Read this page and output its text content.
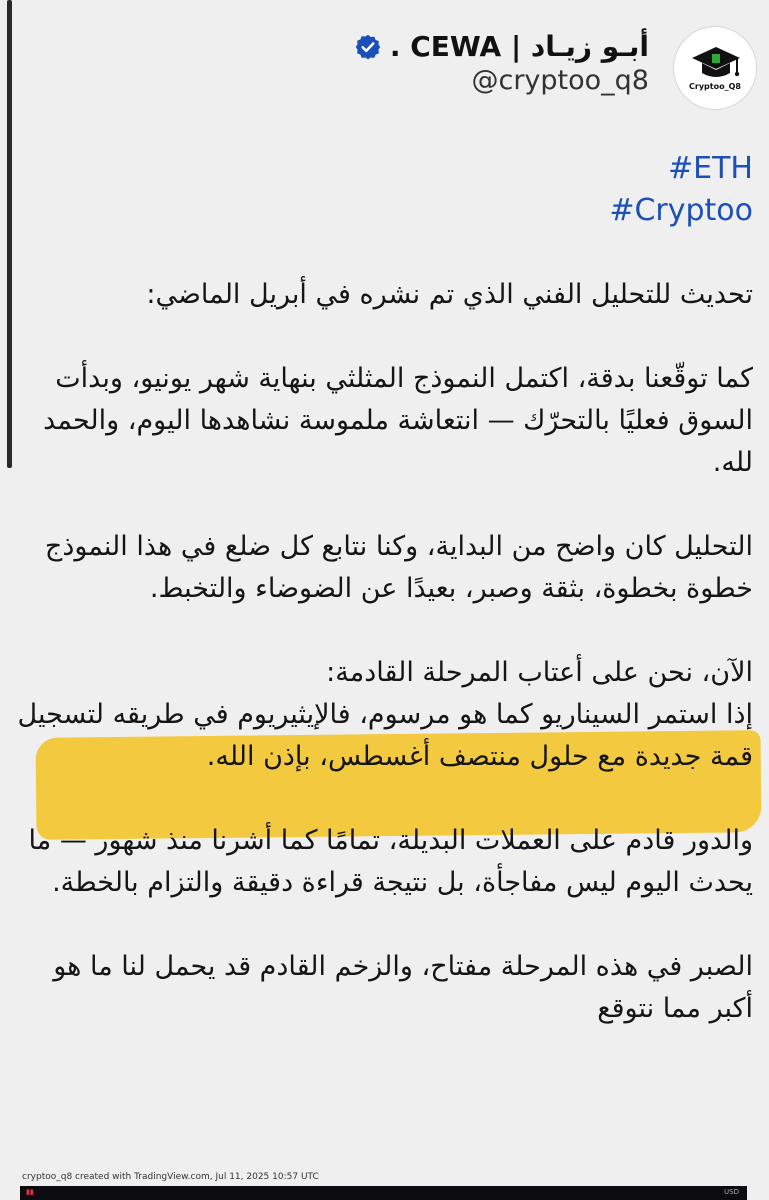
Cryptoo_Q8
أبـو زيـاد | CEWA .
@cryptoo_q8
#ETH
#Cryptoo

تحديث للتحليل الفني الذي تم نشره في أبريل الماضي:

كما توقّعنا بدقة، اكتمل النموذج المثلثي بنهاية شهر يونيو، وبدأت السوق فعليًا بالتحرّك — انتعاشة ملموسة نشاهدها اليوم، والحمد لله.

التحليل كان واضح من البداية، وكنا نتابع كل ضلع في هذا النموذج خطوة بخطوة، بثقة وصبر، بعيدًا عن الضوضاء والتخبط.

الآن، نحن على أعتاب المرحلة القادمة:

إذا استمر السيناريو كما هو مرسوم، فالإيثيريوم في طريقه لتسجيل قمة جديدة مع حلول منتصف أغسطس، بإذن الله.

والدور قادم على العملات البديلة، تمامًا كما أشرنا منذ شهور — ما يحدث اليوم ليس مفاجأة، بل نتيجة قراءة دقيقة والتزام بالخطة.

الصبر في هذه المرحلة مفتاح، والزخم القادم قد يحمل لنا ما هو أكبر مما نتوقع

cryptoo_q8 created with TradingView.com, Jul 11, 2025 10:57 UTC
▮▮	USD
